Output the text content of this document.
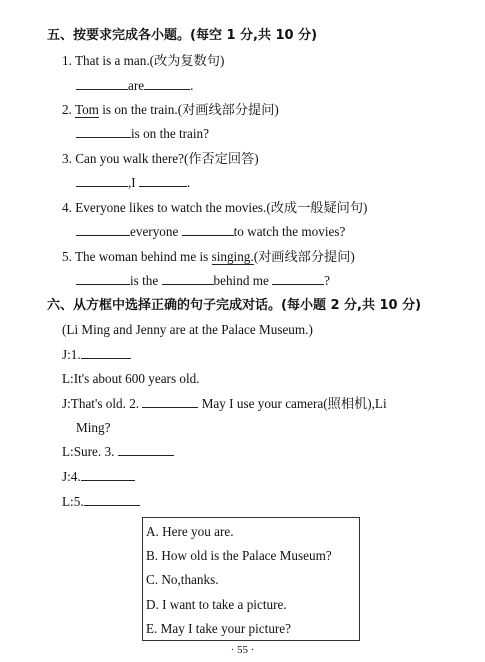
五、按要求完成各小题。(每空 1 分,共 10 分)
1. That is a man.(改为复数句)
are	.
2. Tom is on the train.(对画线部分提问)
is on the train?
3. Can you walk there?(作否定回答)
,I	.
4. Everyone likes to watch the movies.(改成一般疑问句)
everyone	to watch the movies?
5. The woman behind me is singing.(对画线部分提问)
is the	behind me	?
六、从方框中选择正确的句子完成对话。(每小题 2 分,共 10 分)
(Li Ming and Jenny are at the Palace Museum.)
J:1.
L:It's about 600 years old.
J:That's old. 2.	May I use your camera(照相机),Li
Ming?
L:Sure. 3.
J:4.
L:5.
A. Here you are.
B. How old is the Palace Museum?
C. No,thanks.
D. I want to take a picture.
E. May I take your picture?
· 55 ·
